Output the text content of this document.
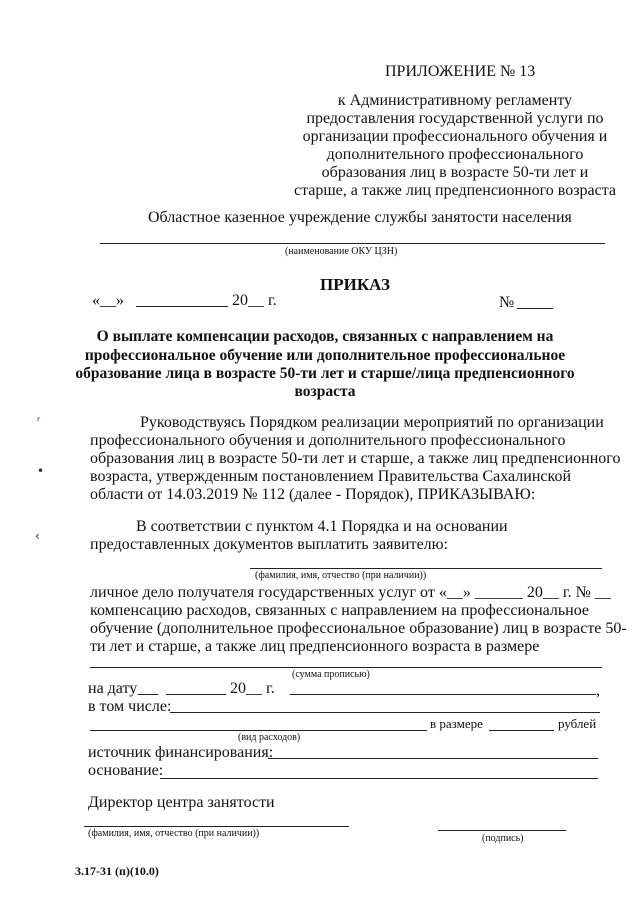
ПРИЛОЖЕНИЕ № 13
к Административному регламенту
предоставления государственной услуги по
организации профессионального обучения и
дополнительного профессионального
образования лиц в возрасте 50-ти лет и
старше, а также лиц предпенсионного возраста
Областное казенное учреждение службы занятости населения
(наименование ОКУ ЦЗН)
ПРИКАЗ
«__»	20__ г.	№
О выплате компенсации расходов, связанных с направлением на
профессиональное обучение или дополнительное профессиональное
образование лица в возрасте 50-ти лет и старше/лица предпенсионного
возраста
ʳ
•
‹
Руководствуясь Порядком реализации мероприятий по организации
профессионального обучения и дополнительного профессионального
образования лиц в возрасте 50-ти лет и старше, а также лиц предпенсионного
возраста, утвержденным постановлением Правительства Сахалинской
области от 14.03.2019 № 112 (далее - Порядок), ПРИКАЗЫВАЮ:
В соответствии с пунктом 4.1 Порядка и на основании
предоставленных документов выплатить заявителю:
(фамилия, имя, отчество (при наличии))
личное дело получателя государственных услуг от «__» ______ 20__ г. № __
компенсацию расходов, связанных с направлением на профессиональное
обучение (дополнительное профессиональное образование) лиц в возрасте 50-
ти лет и старше, а также лиц предпенсионного возраста в размере
(сумма прописью)
на дату	20__ г.	,
в том числе:
в размере	рублей
(вид расходов)
источник финансирования:
основание:
Директор центра занятости
(фамилия, имя, отчество (при наличии))	(подпись)
3.17-31 (п)(10.0)
